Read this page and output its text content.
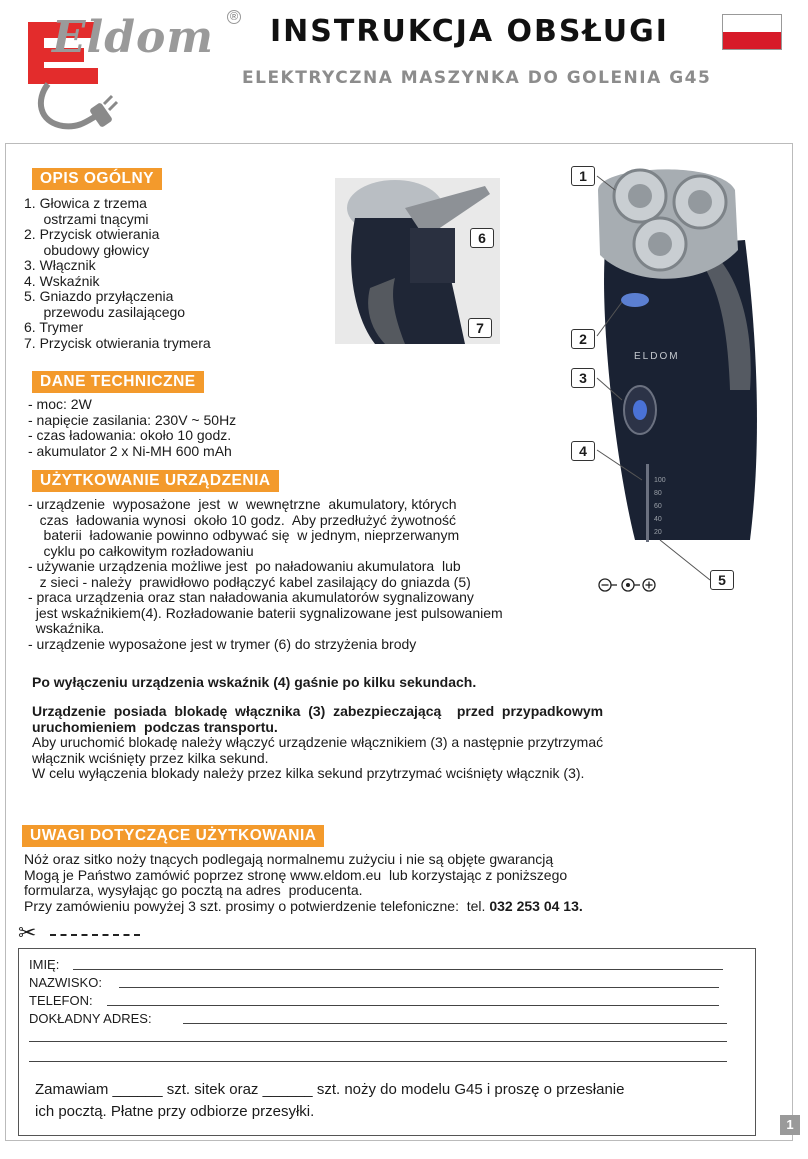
Eldom ® INSTRUKCJA OBSŁUGI
ELEKTRYCZNA MASZYNKA DO GOLENIA G45
OPIS OGÓLNY
1. Głowica z trzema
ostrzami tnącymi
2. Przycisk otwierania
obudowy głowicy
3. Włącznik
4. Wskaźnik
5. Gniazdo przyłączenia
przewodu zasilającego
6. Trymer
7. Przycisk otwierania trymera
6
7
ELDOM
100
80
60
40
20
1
2
3
4
5
DANE TECHNICZNE
- moc: 2W
- napięcie zasilania: 230V ~ 50Hz
- czas ładowania: około 10 godz.
- akumulator 2 x Ni-MH 600 mAh
UŻYTKOWANIE URZĄDZENIA
- urządzenie  wyposażone  jest  w  wewnętrzne  akumulatory, których
czas  ładowania wynosi  około 10 godz.  Aby przedłużyć żywotność
baterii  ładowanie powinno odbywać się  w jednym, nieprzerwanym
cyklu po całkowitym rozładowaniu
- używanie urządzenia możliwe jest  po naładowaniu akumulatora  lub
z sieci - należy  prawidłowo podłączyć kabel zasilający do gniazda (5)
- praca urządzenia oraz stan naładowania akumulatorów sygnalizowany
jest wskaźnikiem(4). Rozładowanie baterii sygnalizowane jest pulsowaniem
wskaźnika.
- urządzenie wyposażone jest w trymer (6) do strzyżenia brody
Po wyłączeniu urządzenia wskaźnik (4) gaśnie po kilku sekundach.
Urządzenie  posiada  blokadę  włącznika  (3)  zabezpieczającą    przed  przypadkowym
uruchomieniem  podczas transportu.
Aby uruchomić blokadę należy włączyć urządzenie włącznikiem (3) a następnie przytrzymać
włącznik wciśnięty przez kilka sekund.
W celu wyłączenia blokady należy przez kilka sekund przytrzymać wciśnięty włącznik (3).
UWAGI DOTYCZĄCE UŻYTKOWANIA
Nóż oraz sitko noży tnących podlegają normalnemu zużyciu i nie są objęte gwarancją
Mogą je Państwo zamówić poprzez stronę www.eldom.eu  lub korzystając z poniższego
formularza, wysyłając go pocztą na adres  producenta.
Przy zamówieniu powyżej 3 szt. prosimy o potwierdzenie telefoniczne:  tel. 032 253 04 13.
✂
IMIĘ:
NAZWISKO:
TELEFON:
DOKŁADNY ADRES:
Zamawiam ______ szt. sitek oraz ______ szt. noży do modelu G45 i proszę o przesłanie
ich pocztą. Płatne przy odbiorze przesyłki.
1
